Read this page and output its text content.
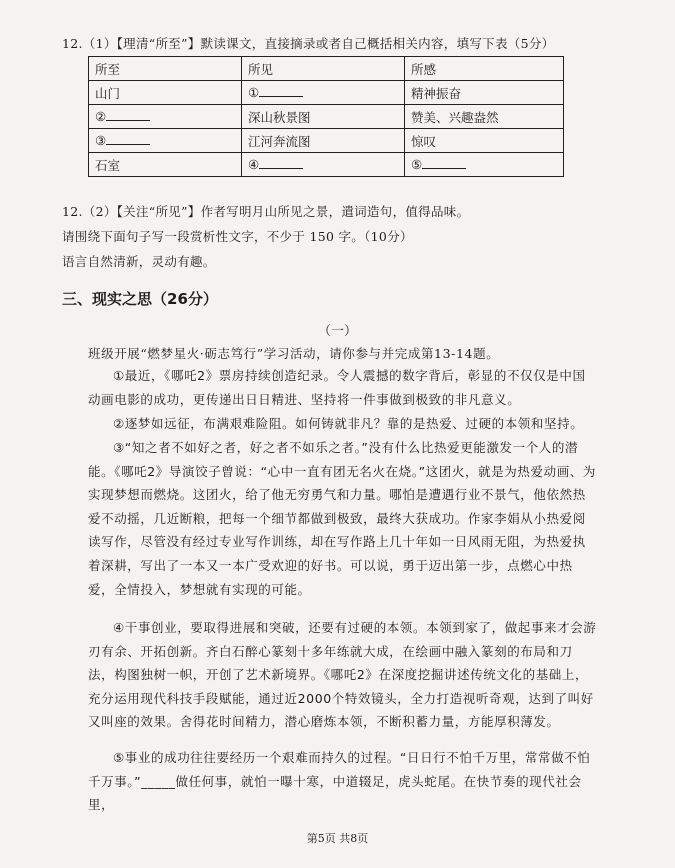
12.（1）【理清“所至”】默读课文，直接摘录或者自己概括相关内容，填写下表（5分）
所至	所见	所感
山门	①	精神振奋
②	深山秋景图	赞美、兴趣盎然
③	江河奔流图	惊叹
石室	④	⑤
12.（2）【关注“所见”】作者写明月山所见之景，遣词造句，值得品味。
请围绕下面句子写一段赏析性文字，不少于 150 字。（10分）
语言自然清新，灵动有趣。
三、现实之思（26分）
（一）
班级开展“燃梦星火·砺志笃行”学习活动，请你参与并完成第13-14题。
①最近，《哪吒2》票房持续创造纪录。令人震撼的数字背后，彰显的不仅仅是中国动画电影的成功，更传递出日日精进、坚持将一件事做到极致的非凡意义。
②逐梦如远征，布满艰难险阻。如何铸就非凡？靠的是热爱、过硬的本领和坚持。
③“知之者不如好之者，好之者不如乐之者。”没有什么比热爱更能激发一个人的潜能。《哪吒2》导演饺子曾说：“心中一直有团无名火在烧。”这团火，就是为热爱动画、为实现梦想而燃烧。这团火，给了他无穷勇气和力量。哪怕是遭遇行业不景气，他依然热爱不动摇，几近断粮，把每一个细节都做到极致，最终大获成功。作家李娟从小热爱阅读写作，尽管没有经过专业写作训练，却在写作路上几十年如一日风雨无阻，为热爱执着深耕，写出了一本又一本广受欢迎的好书。可以说，勇于迈出第一步，点燃心中热爱，全情投入，梦想就有实现的可能。
④干事创业，要取得进展和突破，还要有过硬的本领。本领到家了，做起事来才会游刃有余、开拓创新。齐白石醉心篆刻十多年练就大成，在绘画中融入篆刻的布局和刀法，构图独树一帜，开创了艺术新境界。《哪吒2》在深度挖掘讲述传统文化的基础上，充分运用现代科技手段赋能，通过近2000个特效镜头，全力打造视听奇观，达到了叫好又叫座的效果。舍得花时间精力，潜心磨炼本领，不断积蓄力量，方能厚积薄发。
⑤事业的成功往往要经历一个艰难而持久的过程。“日日行不怕千万里，常常做不怕千万事。”_____做任何事，就怕一曝十寒，中道辍足，虎头蛇尾。在快节奏的现代社会里，
第5页 共8页
